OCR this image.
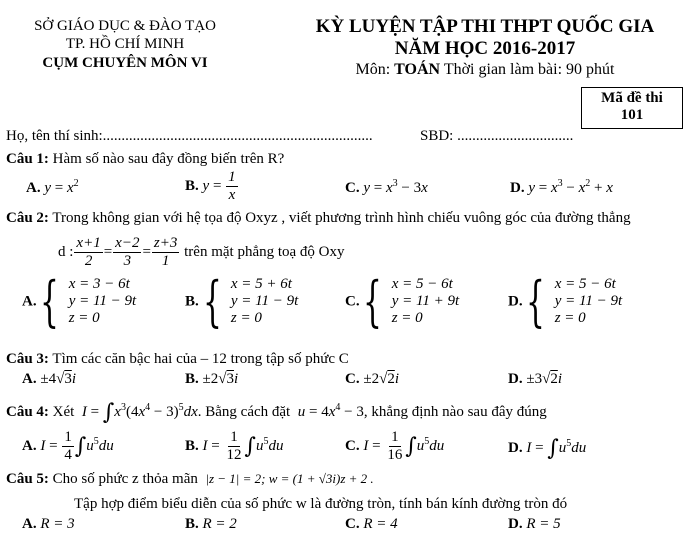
SỞ GIÁO DỤC & ĐÀO TẠO
TP. HỒ CHÍ MINH
CỤM CHUYÊN MÔN VI
KỲ LUYỆN TẬP THI THPT QUỐC GIA
NĂM HỌC 2016-2017
Môn: TOÁN Thời gian làm bài: 90 phút
Mã đề thi
101
Họ, tên thí sinh:........................................................................	SBD: ...............................
Câu 1: Hàm số nào sau đây đồng biến trên R?
A. $y = x^2$	B. $y = \frac{1}{x}$	C. $y = x^3 - 3x$	D. $y = x^3 - x^2 + x$
Câu 2: Trong không gian với hệ tọa độ Oxyz , viết phương trình hình chiếu vuông góc của đường thẳng
d : $\frac{x+1}{2} = \frac{x-2}{3} = \frac{z+3}{1}$ trên mặt phẳng toạ độ Oxy
A. { x = 3 − 6t
y = 11 − 9t
z = 0
B. { x = 5 + 6t
y = 11 − 9t
z = 0
C. { x = 5 − 6t
y = 11 + 9t
z = 0
D. { x = 5 − 6t
y = 11 − 9t
z = 0
Câu 3: Tìm các căn bậc hai của – 12 trong tập số phức C
A. ±4√3i	B. ±2√3i	C. ±2√2i	D. ±3√2i
Câu 4: Xét $I = \int x^3(4x^4 - 3)^5dx$. Bằng cách đặt $u = 4x^4 - 3$, khẳng định nào sau đây đúng
A. $I = \frac{1}{4} \int u^5du$	B. $I = \frac{1}{12} \int u^5du$	C. $I = \frac{1}{16} \int u^5du$	D. $I = \int u^5du$
Câu 5: Cho số phức z thỏa mãn |z − 1| = 2; w = (1 + √3i)z + 2 .
Tập hợp điểm biểu diễn của số phức w là đường tròn, tính bán kính đường tròn đó
A. R = 3	B. R = 2	C. R = 4	D. R = 5
